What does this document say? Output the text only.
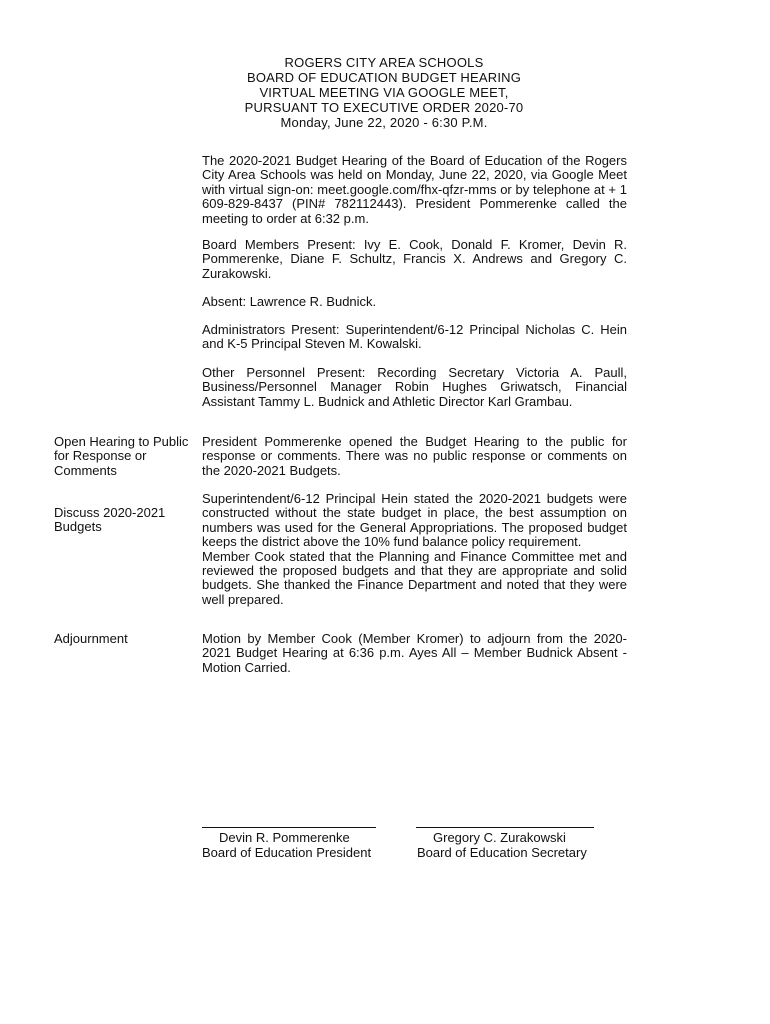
ROGERS CITY AREA SCHOOLS
BOARD OF EDUCATION BUDGET HEARING
VIRTUAL MEETING VIA GOOGLE MEET,
PURSUANT TO EXECUTIVE ORDER 2020-70
Monday, June 22, 2020 - 6:30 P.M.
The 2020-2021 Budget Hearing of the Board of Education of the Rogers City Area Schools was held on Monday, June 22, 2020, via Google Meet with virtual sign-on: meet.google.com/fhx-qfzr-mms or by telephone at + 1 609-829-8437 (PIN# 782112443). President Pommerenke called the meeting to order at 6:32 p.m.
Board Members Present: Ivy E. Cook, Donald F. Kromer, Devin R. Pommerenke, Diane F. Schultz, Francis X. Andrews and Gregory C. Zurakowski.
Absent: Lawrence R. Budnick.
Administrators Present: Superintendent/6-12 Principal Nicholas C. Hein and K-5 Principal Steven M. Kowalski.
Other Personnel Present: Recording Secretary Victoria A. Paull, Business/Personnel Manager Robin Hughes Griwatsch, Financial Assistant Tammy L. Budnick and Athletic Director Karl Grambau.
Open Hearing to Public for Response or Comments
President Pommerenke opened the Budget Hearing to the public for response or comments. There was no public response or comments on the 2020-2021 Budgets.
Discuss 2020-2021 Budgets
Superintendent/6-12 Principal Hein stated the 2020-2021 budgets were constructed without the state budget in place, the best assumption on numbers was used for the General Appropriations. The proposed budget keeps the district above the 10% fund balance policy requirement.
Member Cook stated that the Planning and Finance Committee met and reviewed the proposed budgets and that they are appropriate and solid budgets. She thanked the Finance Department and noted that they were well prepared.
Adjournment	Motion by Member Cook (Member Kromer) to adjourn from the 2020-2021 Budget Hearing at 6:36 p.m. Ayes All – Member Budnick Absent - Motion Carried.
Devin R. Pommerenke
Board of Education President
Gregory C. Zurakowski
Board of Education Secretary
